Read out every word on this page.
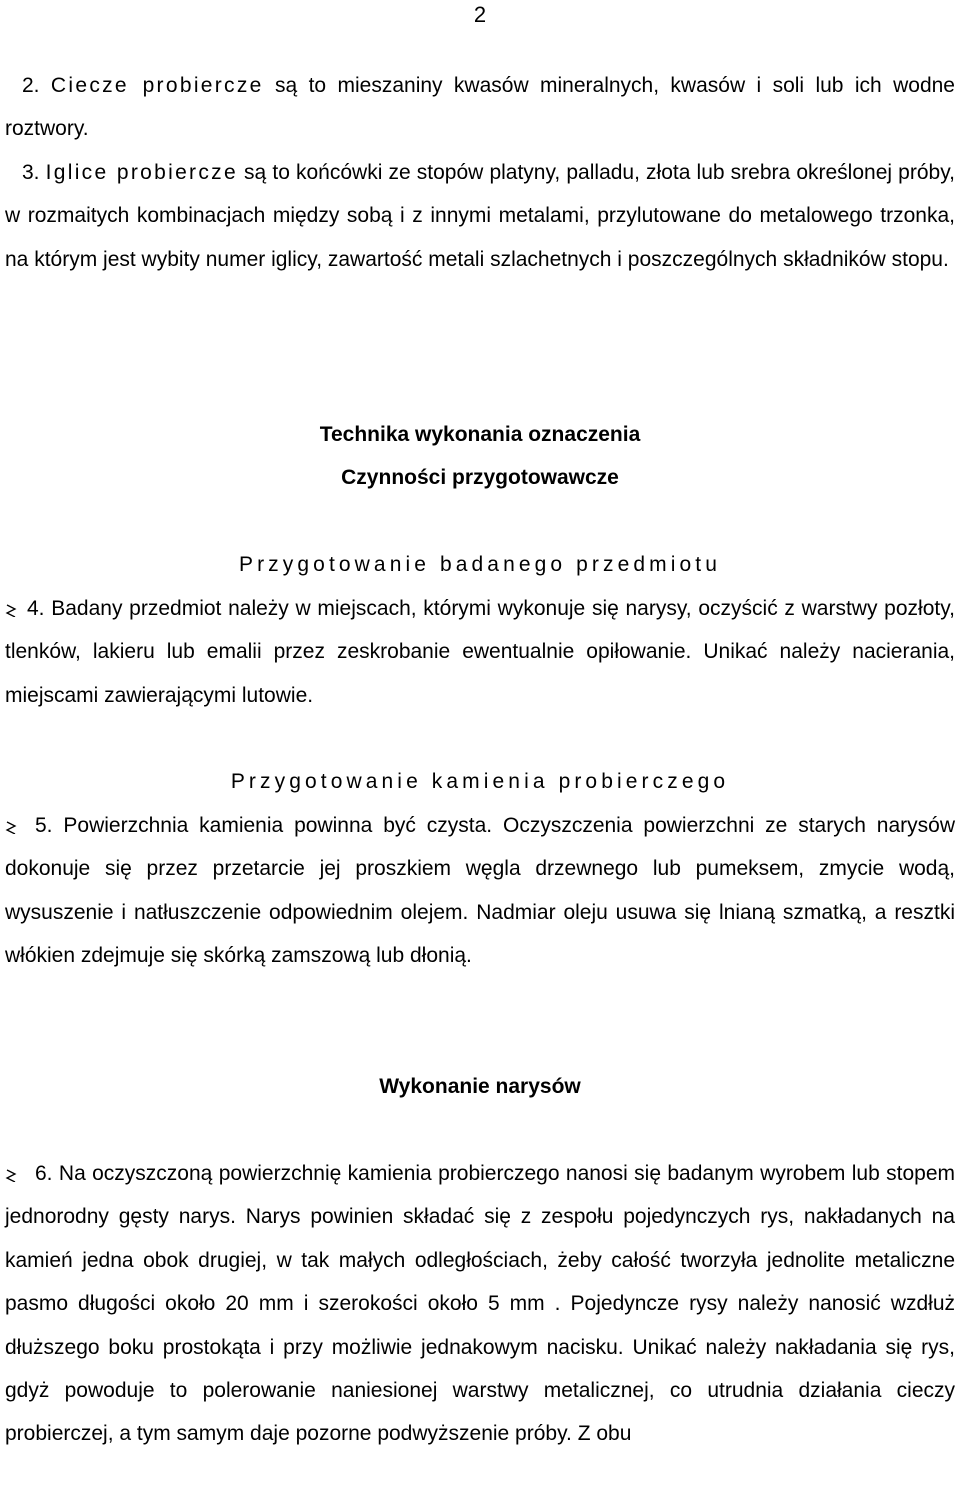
2

2. Ciecze probiercze są to mieszaniny kwasów mineralnych, kwasów i soli lub ich wodne roztwory.

3. Iglice probiercze są to końcówki ze stopów platyny, palladu, złota lub srebra określonej próby, w rozmaitych kombinacjach między sobą i z innymi metalami, przylutowane do metalowego trzonka, na którym jest wybity numer iglicy, zawartość metali szlachetnych i poszczególnych składników stopu.

Technika wykonania oznaczenia
Czynności przygotowawcze
Przygotowanie badanego przedmiotu

4. Badany przedmiot należy w miejscach, którymi wykonuje się narysy, oczyścić z warstwy pozłoty, tlenków, lakieru lub emalii przez zeskrobanie ewentualnie opiłowanie. Unikać należy nacierania, miejscami zawierającymi lutowie.

Przygotowanie kamienia probierczego

5. Powierzchnia kamienia powinna być czysta. Oczyszczenia powierzchni ze starych narysów dokonuje się przez przetarcie jej proszkiem węgla drzewnego lub pumeksem, zmycie wodą, wysuszenie i natłuszczenie odpowiednim olejem. Nadmiar oleju usuwa się lnianą szmatką, a resztki włókien zdejmuje się skórką zamszową lub dłonią.

Wykonanie narysów

6. Na oczyszczoną powierzchnię kamienia probierczego nanosi się badanym wyrobem lub stopem jednorodny gęsty narys. Narys powinien składać się z zespołu pojedynczych rys, nakładanych na kamień jedna obok drugiej, w tak małych odległościach, żeby całość tworzyła jednolite metaliczne pasmo długości około 20 mm i szerokości około 5 mm . Pojedyncze rysy należy nanosić wzdłuż dłuższego boku prostokąta i przy możliwie jednakowym nacisku. Unikać należy nakładania się rys, gdyż powoduje to polerowanie naniesionej warstwy metalicznej, co utrudnia działania cieczy probierczej, a tym samym daje pozorne podwyższenie próby. Z obu
